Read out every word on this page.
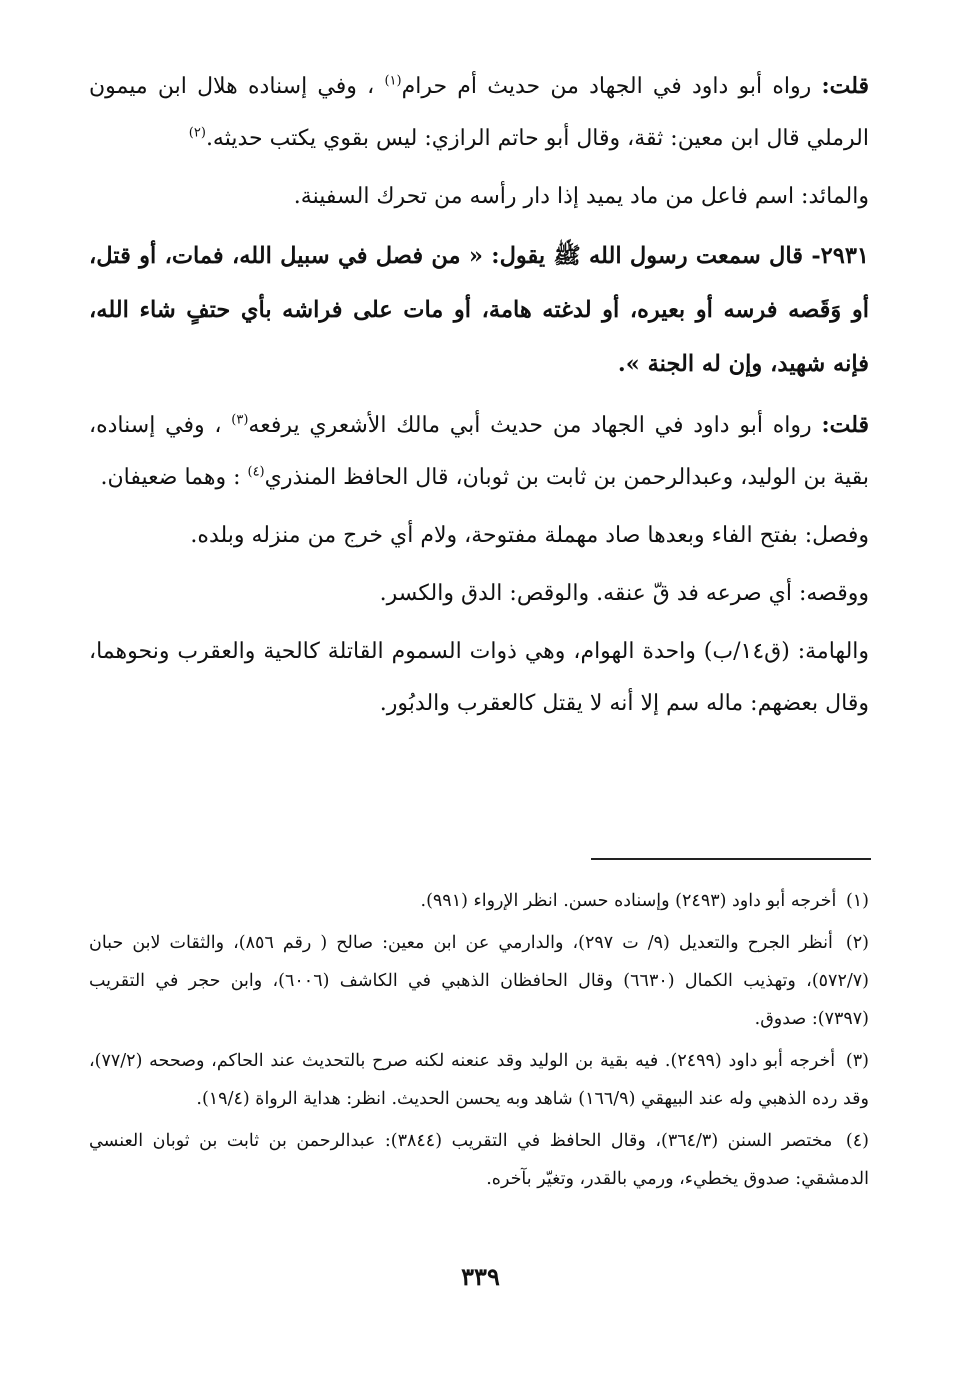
قلت: رواه أبو داود في الجهاد من حديث أم حرام$^{(١)}$ ، وفي إسناده هلال ابن ميمون الرملي قال ابن معين: ثقة، وقال أبو حاتم الرازي: ليس بقوي يكتب حديثه.$^{(٢)}$

والمائد: اسم فاعل من ماد يميد إذا دار رأسه من تحرك السفينة.

٢٩٣١- قال سمعت رسول الله ﷺ يقول: « من فصل في سبيل الله، فمات، أو قتل، أو وَقَصه فرسه أو بعيره، أو لدغته هامة، أو مات على فراشه بأي حتفٍ شاء الله، فإنه شهيد، وإن له الجنة ».

قلت: رواه أبو داود في الجهاد من حديث أبي مالك الأشعري يرفعه$^{(٣)}$ ، وفي إسناده، بقية بن الوليد، وعبدالرحمن بن ثابت بن ثوبان، قال الحافظ المنذري$^{(٤)}$ : وهما ضعيفان.

وفصل: بفتح الفاء وبعدها صاد مهملة مفتوحة، ولام أي خرج من منزله وبلده.

ووقصه: أي صرعه فد قّ عنقه. والوقص: الدق والكسر.

والهامة: (ق١٤/ب) واحدة الهوام، وهي ذوات السموم القاتلة كالحية والعقرب ونحوهما، وقال بعضهم: ماله سم إلا أنه لا يقتل كالعقرب والدبُور.

(١) أخرجه أبو داود (٢٤٩٣) وإسناده حسن. انظر الإرواء (٩٩١).

(٢) أنظر الجرح والتعديل (٩/ ت ٢٩٧)، والدارمي عن ابن معين: صالح ( رقم ٨٥٦)، والثقات لابن حبان (٥٧٢/٧)، وتهذيب الكمال (٦٦٣٠) وقال الحافظان الذهبي في الكاشف (٦٠٠٦)، وابن حجر في التقريب (٧٣٩٧): صدوق.

(٣) أخرجه أبو داود (٢٤٩٩). فيه بقية بن الوليد وقد عنعنه لكنه صرح بالتحديث عند الحاكم، وصححه (٧٧/٢)، وقد رده الذهبي وله عند البيهقي (١٦٦/٩) شاهد وبه يحسن الحديث. انظر: هداية الرواة (١٩/٤).

(٤) مختصر السنن (٣٦٤/٣)، وقال الحافظ في التقريب (٣٨٤٤): عبدالرحمن بن ثابت بن ثوبان العنسي الدمشقي: صدوق يخطيء، ورمي بالقدر، وتغيّر بآخره.

٣٣٩
